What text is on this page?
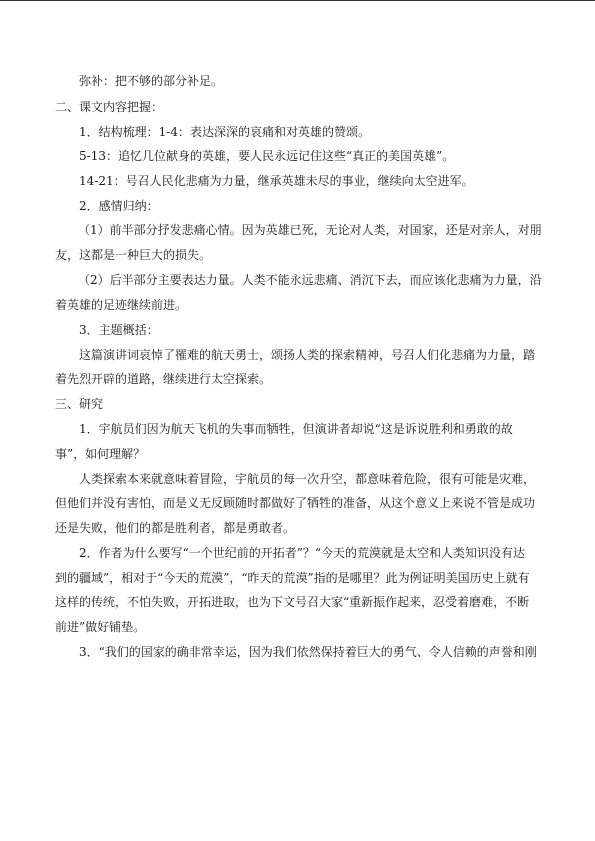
弥补：把不够的部分补足。
二、课文内容把握：
1．结构梳理：1-4：表达深深的哀痛和对英雄的赞颂。
5-13：追忆几位献身的英雄，要人民永远记住这些“真正的美国英雄”。
14-21：号召人民化悲痛为力量，继承英雄未尽的事业，继续向太空进军。
2．感情归纳：
（1）前半部分抒发悲痛心情。因为英雄已死，无论对人类，对国家，还是对亲人，对朋
友，这都是一种巨大的损失。
（2）后半部分主要表达力量。人类不能永远悲痛、消沉下去，而应该化悲痛为力量，沿
着英雄的足迹继续前进。
3．主题概括：
这篇演讲词哀悼了罹难的航天勇士，颂扬人类的探索精神，号召人们化悲痛为力量，踏
着先烈开辟的道路，继续进行太空探索。
三、研究
1．宇航员们因为航天飞机的失事而牺牲，但演讲者却说“这是诉说胜利和勇敢的故
事”，如何理解？
人类探索本来就意味着冒险，宇航员的每一次升空，都意味着危险，很有可能是灾难，
但他们并没有害怕，而是义无反顾随时都做好了牺牲的准备，从这个意义上来说不管是成功
还是失败，他们的都是胜利者，都是勇敢者。
2．作者为什么要写“一个世纪前的开拓者”？“今天的荒漠就是太空和人类知识没有达
到的疆域”，相对于“今天的荒漠”，“昨天的荒漠”指的是哪里？此为例证明美国历史上就有
这样的传统，不怕失败，开拓进取，也为下文号召大家“重新振作起来，忍受着磨难，不断
前进”做好铺垫。
3．“我们的国家的确非常幸运，因为我们依然保持着巨大的勇气、令人信赖的声誉和刚
